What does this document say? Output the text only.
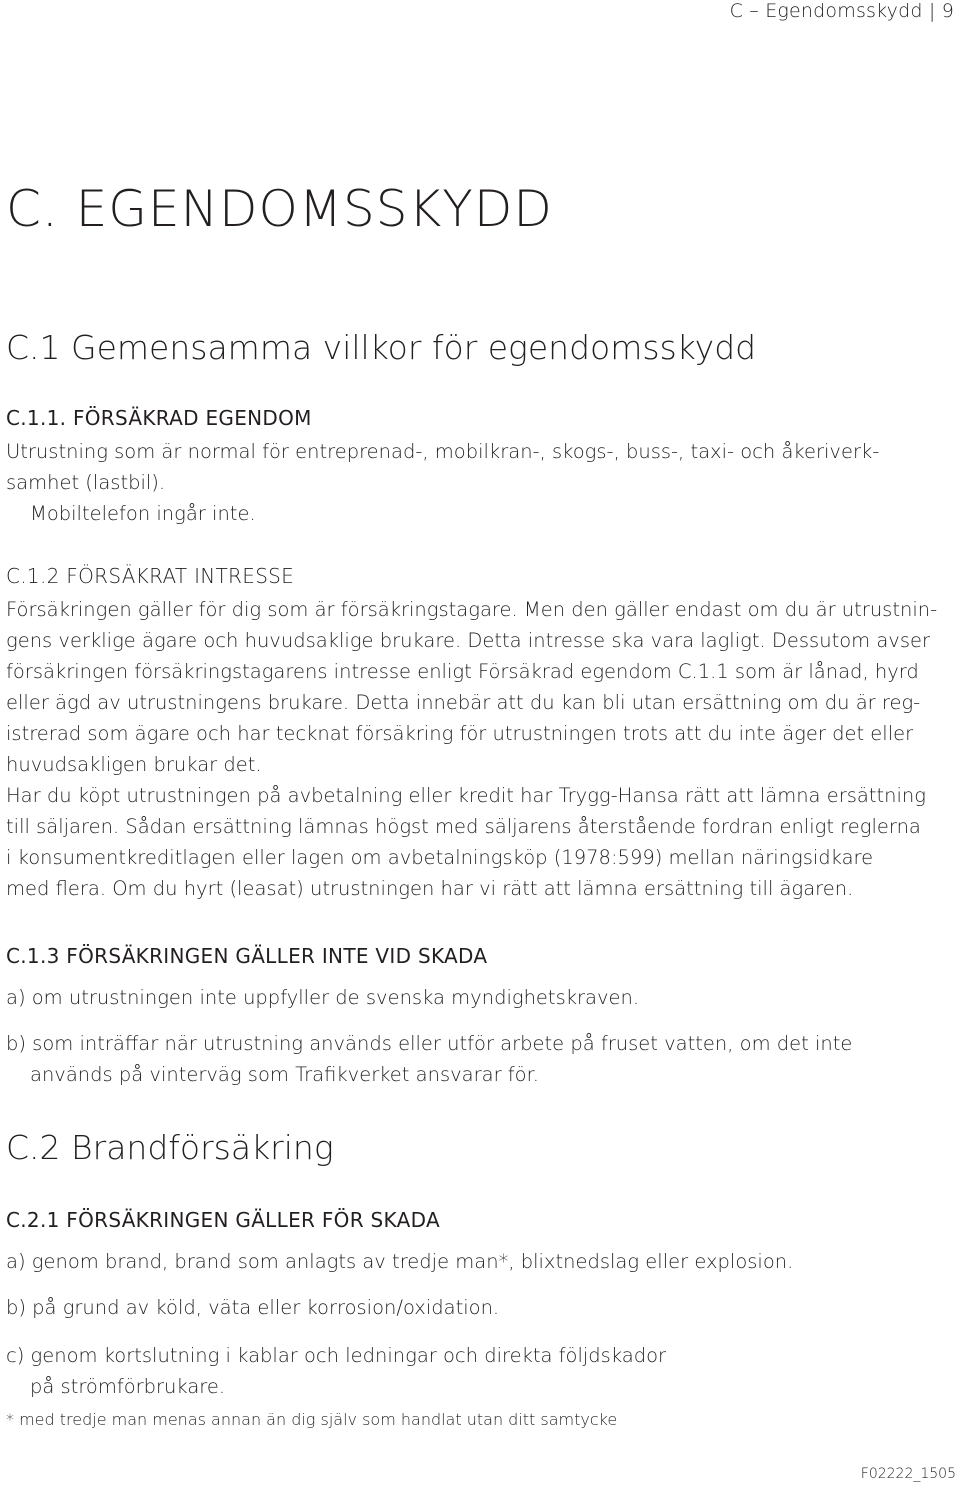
C – Egendomsskydd | 9
C. EGENDOMSSKYDD
C.1 Gemensamma villkor för egendomsskydd
C.1.1. FÖRSÄKRAD EGENDOM
Utrustning som är normal för entreprenad-, mobilkran-, skogs-, buss-, taxi- och åkeriverk-
samhet (lastbil).
Mobiltelefon ingår inte.
C.1.2 FÖRSÄKRAT INTRESSE
Försäkringen gäller för dig som är försäkringstagare. Men den gäller endast om du är utrustnin-
gens verklige ägare och huvudsaklige brukare. Detta intresse ska vara lagligt. Dessutom avser
försäkringen försäkringstagarens intresse enligt Försäkrad egendom C.1.1 som är lånad, hyrd
eller ägd av utrustningens brukare. Detta innebär att du kan bli utan ersättning om du är reg-
istrerad som ägare och har tecknat försäkring för utrustningen trots att du inte äger det eller
huvudsakligen brukar det.
Har du köpt utrustningen på avbetalning eller kredit har Trygg-Hansa rätt att lämna ersättning
till säljaren. Sådan ersättning lämnas högst med säljarens återstående fordran enligt reglerna
i konsumentkreditlagen eller lagen om avbetalningsköp (1978:599) mellan näringsidkare
med flera. Om du hyrt (leasat) utrustningen har vi rätt att lämna ersättning till ägaren.
C.1.3 FÖRSÄKRINGEN GÄLLER INTE VID SKADA
a) om utrustningen inte uppfyller de svenska myndighetskraven.
b) som inträffar när utrustning används eller utför arbete på fruset vatten, om det inte
används på vinterväg som Trafikverket ansvarar för.
C.2 Brandförsäkring
C.2.1 FÖRSÄKRINGEN GÄLLER FÖR SKADA
a) genom brand, brand som anlagts av tredje man*, blixtnedslag eller explosion.
b) på grund av köld, väta eller korrosion/oxidation.
c) genom kortslutning i kablar och ledningar och direkta följdskador
på strömförbrukare.
* med tredje man menas annan än dig själv som handlat utan ditt samtycke
F02222_1505
